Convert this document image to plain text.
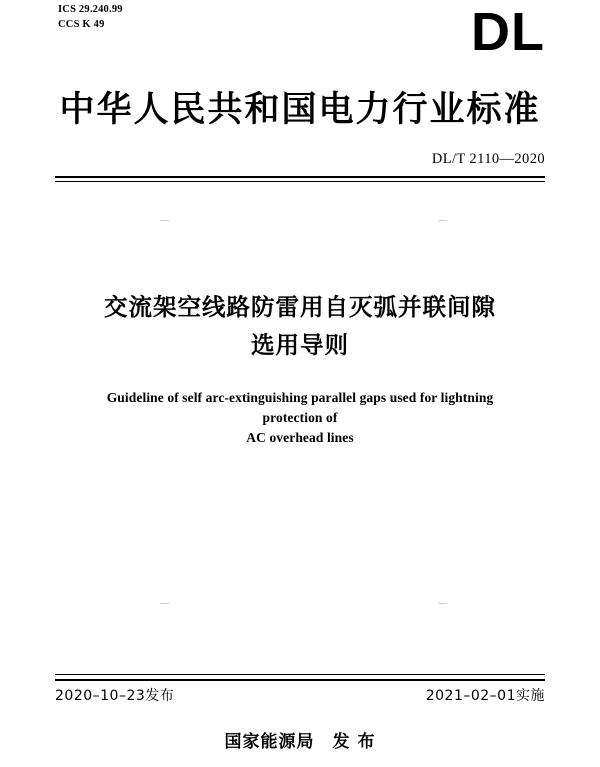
ICS 29.240.99
CCS K 49	DL
中华人民共和国电力行业标准
DL/T 2110—2020
交流架空线路防雷用自灭弧并联间隙
选用导则
Guideline of self arc-extinguishing parallel gaps used for lightning protection of
AC overhead lines
2020–10–23发布	2021–02–01实施
国家能源局 发 布
